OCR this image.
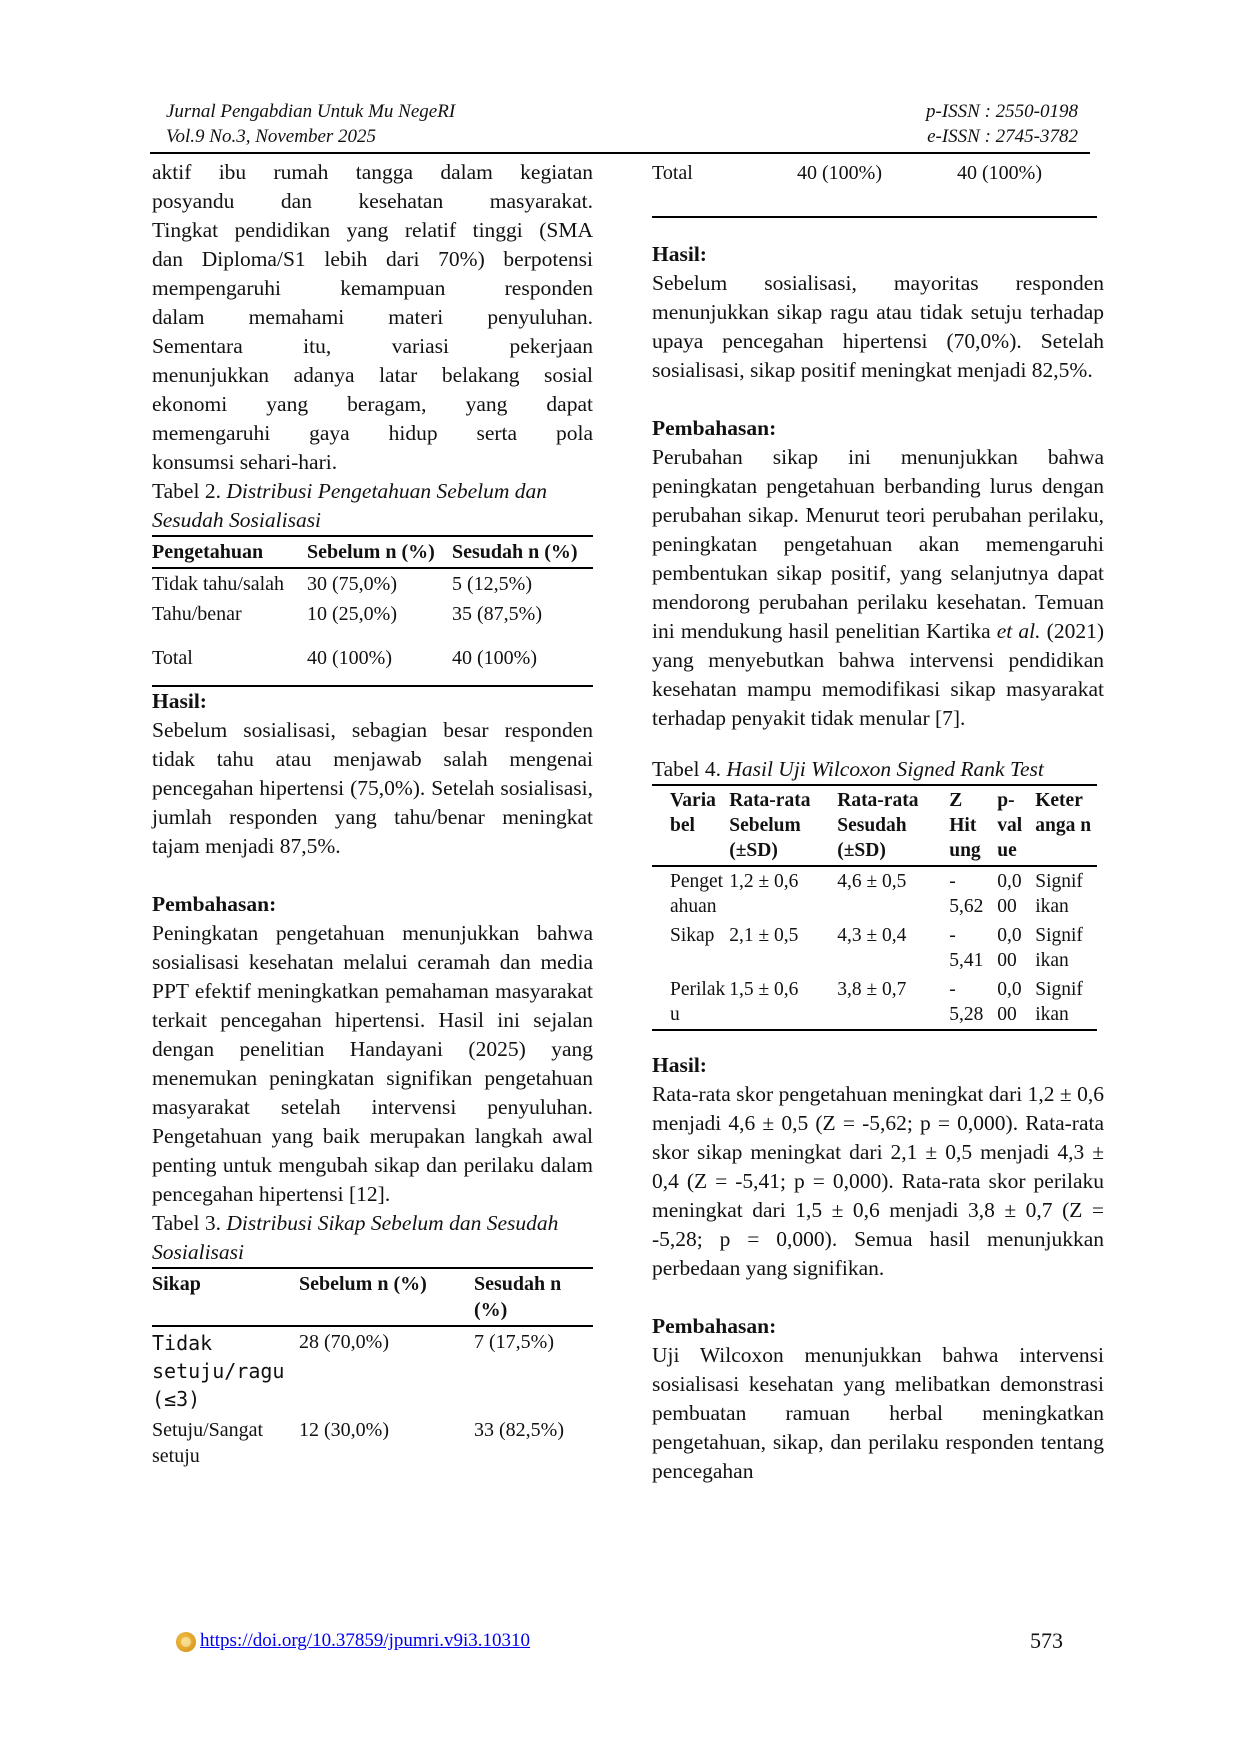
Jurnal Pengabdian Untuk Mu NegeRI
Vol.9 No.3, November 2025
p-ISSN : 2550-0198
e-ISSN : 2745-3782
aktif ibu rumah tangga dalam kegiatan
posyandu dan kesehatan masyarakat.
Tingkat pendidikan yang relatif tinggi (SMA
dan Diploma/S1 lebih dari 70%) berpotensi
mempengaruhi kemampuan responden
dalam memahami materi penyuluhan.
Sementara itu, variasi pekerjaan
menunjukkan adanya latar belakang sosial
ekonomi yang beragam, yang dapat
memengaruhi gaya hidup serta pola
konsumsi sehari-hari.
Tabel 2. Distribusi Pengetahuan Sebelum dan Sesudah Sosialisasi
Pengetahuan	Sebelum n (%)	Sesudah n (%)
Tidak tahu/salah	30 (75,0%)	5 (12,5%)
Tahu/benar	10 (25,0%)	35 (87,5%)
Total	40 (100%)	40 (100%)

Hasil:

Sebelum sosialisasi, sebagian besar responden tidak tahu atau menjawab salah mengenai pencegahan hipertensi (75,0%). Setelah sosialisasi, jumlah responden yang tahu/benar meningkat tajam menjadi 87,5%.

Pembahasan:

Peningkatan pengetahuan menunjukkan bahwa sosialisasi kesehatan melalui ceramah dan media PPT efektif meningkatkan pemahaman masyarakat terkait pencegahan hipertensi. Hasil ini sejalan dengan penelitian Handayani (2025) yang menemukan peningkatan signifikan pengetahuan masyarakat setelah intervensi penyuluhan. Pengetahuan yang baik merupakan langkah awal penting untuk mengubah sikap dan perilaku dalam pencegahan hipertensi [12].

Tabel 3. Distribusi Sikap Sebelum dan Sesudah Sosialisasi
Sikap	Sebelum n (%)	Sesudah n (%)
Tidak setuju/ragu (≤3)	28 (70,0%)	7 (17,5%)
Setuju/Sangat setuju	12 (30,0%)	33 (82,5%)
Total	40 (100%)	40 (100%)

Hasil:

Sebelum sosialisasi, mayoritas responden menunjukkan sikap ragu atau tidak setuju terhadap upaya pencegahan hipertensi (70,0%). Setelah sosialisasi, sikap positif meningkat menjadi 82,5%.

Pembahasan:

Perubahan sikap ini menunjukkan bahwa peningkatan pengetahuan berbanding lurus dengan perubahan sikap. Menurut teori perubahan perilaku, peningkatan pengetahuan akan memengaruhi pembentukan sikap positif, yang selanjutnya dapat mendorong perubahan perilaku kesehatan. Temuan ini mendukung hasil penelitian Kartika et al. (2021) yang menyebutkan bahwa intervensi pendidikan kesehatan mampu memodifikasi sikap masyarakat terhadap penyakit tidak menular [7].

Tabel 4. Hasil Uji Wilcoxon Signed Rank Test
Varia bel	Rata-rata Sebelum (±SD)	Rata-rata Sesudah (±SD)	Z Hit ung	p- val ue	Keter anga n
Penget ahuan	1,2 ± 0,6	4,6 ± 0,5	- 5,62	0,0 00	Signif ikan
Sikap	2,1 ± 0,5	4,3 ± 0,4	- 5,41	0,0 00	Signif ikan
Perilak u	1,5 ± 0,6	3,8 ± 0,7	- 5,28	0,0 00	Signif ikan

Hasil:

Rata-rata skor pengetahuan meningkat dari 1,2 ± 0,6 menjadi 4,6 ± 0,5 (Z = -5,62; p = 0,000). Rata-rata skor sikap meningkat dari 2,1 ± 0,5 menjadi 4,3 ± 0,4 (Z = -5,41; p = 0,000). Rata-rata skor perilaku meningkat dari 1,5 ± 0,6 menjadi 3,8 ± 0,7 (Z = -5,28; p = 0,000). Semua hasil menunjukkan perbedaan yang signifikan.

Pembahasan:

Uji Wilcoxon menunjukkan bahwa intervensi sosialisasi kesehatan yang melibatkan demonstrasi pembuatan ramuan herbal meningkatkan pengetahuan, sikap, dan perilaku responden tentang pencegahan

https://doi.org/10.37859/jpumri.v9i3.10310	573
